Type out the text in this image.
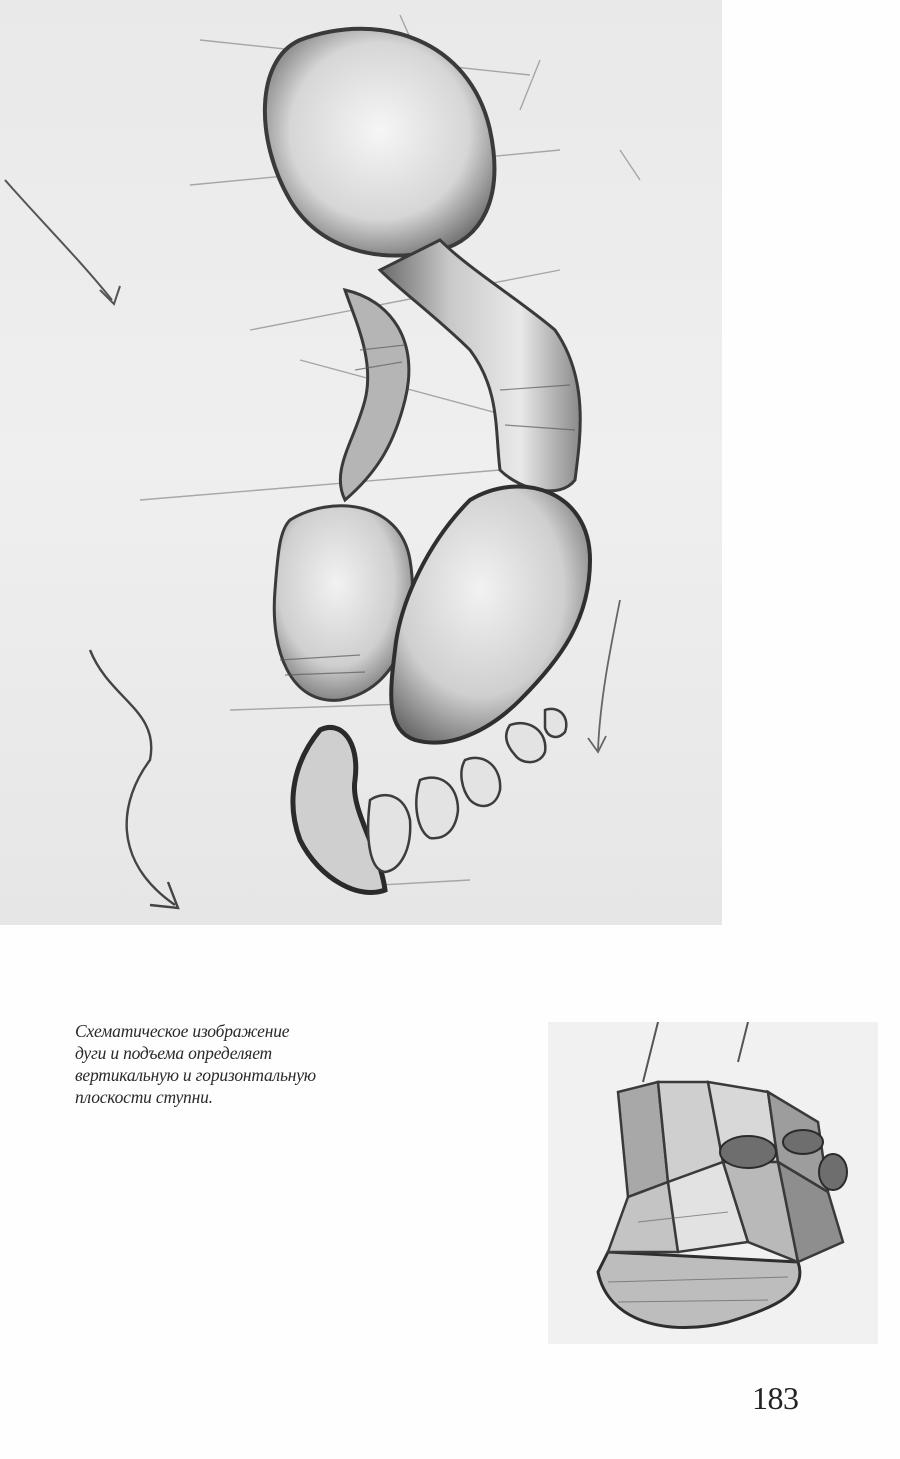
Схематическое изображение
дуги и подъема определяет
вертикальную и горизонтальную
плоскости ступни.
183
